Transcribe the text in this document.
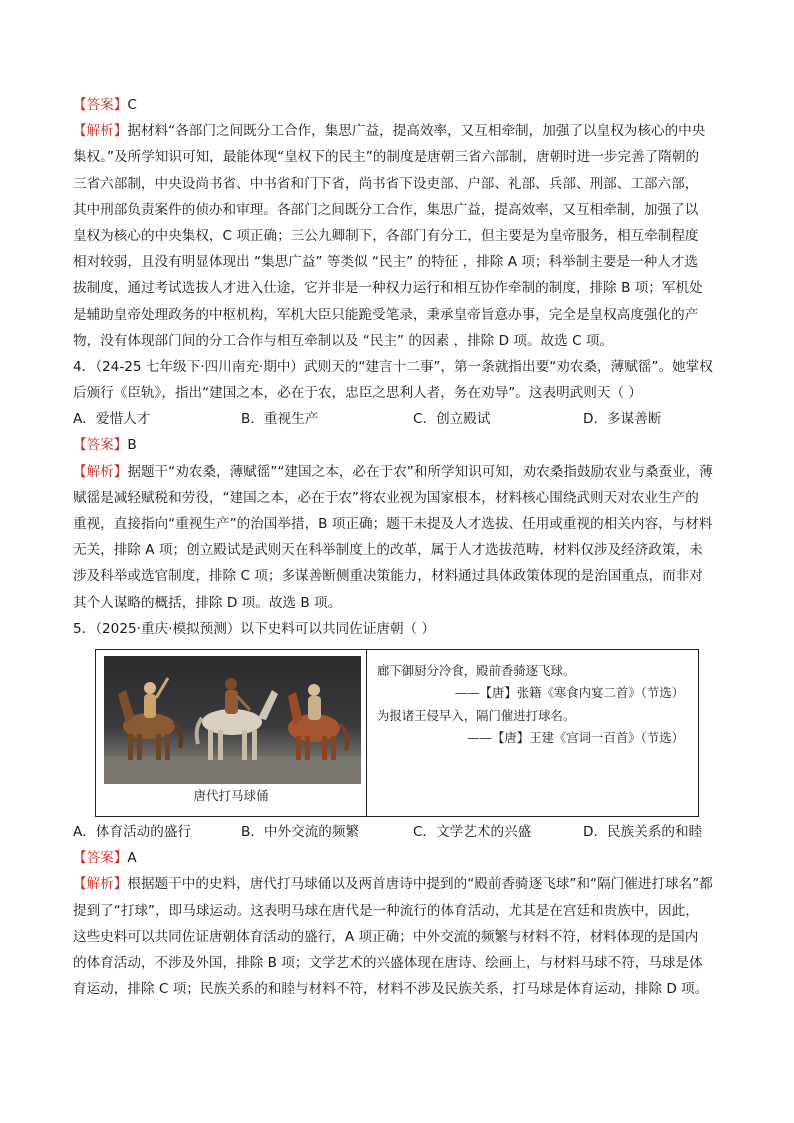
【答案】C
【解析】据材料“各部门之间既分工合作，集思广益，提高效率，又互相牵制，加强了以皇权为核心的中央
集权。”及所学知识可知，最能体现“皇权下的民主”的制度是唐朝三省六部制，唐朝时进一步完善了隋朝的
三省六部制，中央设尚书省、中书省和门下省，尚书省下设吏部、户部、礼部、兵部、刑部、工部六部，
其中刑部负责案件的侦办和审理。各部门之间既分工合作，集思广益，提高效率，又互相牵制，加强了以
皇权为核心的中央集权，C 项正确；三公九卿制下，各部门有分工，但主要是为皇帝服务，相互牵制程度
相对较弱，且没有明显体现出 “集思广益” 等类似 “民主” 的特征 ，排除 A 项；科举制主要是一种人才选
拔制度，通过考试选拔人才进入仕途，它并非是一种权力运行和相互协作牵制的制度，排除 B 项；军机处
是辅助皇帝处理政务的中枢机构，军机大臣只能跪受笔录，秉承皇帝旨意办事，完全是皇权高度强化的产
物，没有体现部门间的分工合作与相互牵制以及 “民主” 的因素 ，排除 D 项。故选 C 项。
4．（24-25 七年级下·四川南充·期中）武则天的“建言十二事”，第一条就指出要“劝农桑，薄赋徭”。她掌权
后颁行《臣轨》，指出“建国之本，必在于农，忠臣之思利人者，务在劝导”。这表明武则天（ ）
A．爱惜人才	B．重视生产	C．创立殿试	D．多谋善断
【答案】B
【解析】据题干“劝农桑，薄赋徭”“建国之本，必在于农”和所学知识可知，劝农桑指鼓励农业与桑蚕业，薄
赋徭是减轻赋税和劳役，“建国之本，必在于农”将农业视为国家根本，材料核心围绕武则天对农业生产的
重视，直接指向“重视生产”的治国举措，B 项正确；题干未提及人才选拔、任用或重视的相关内容，与材料
无关，排除 A 项；创立殿试是武则天在科举制度上的改革，属于人才选拔范畴，材料仅涉及经济政策，未
涉及科举或选官制度，排除 C 项；多谋善断侧重决策能力，材料通过具体政策体现的是治国重点，而非对
其个人谋略的概括，排除 D 项。故选 B 项。
5．（2025·重庆·模拟预测）以下史料可以共同佐证唐朝（ ）
唐代打马球俑
廊下御厨分冷食，殿前香骑逐飞球。
——【唐】张籍《寒食内宴二首》（节选）
为报诸王侵早入，隔门催进打球名。
——【唐】王建《宫词一百首》（节选）
A．体育活动的盛行	B．中外交流的频繁	C．文学艺术的兴盛	D．民族关系的和睦
【答案】A
【解析】根据题干中的史料，唐代打马球俑以及两首唐诗中提到的“殿前香骑逐飞球”和“隔门催进打球名”都
提到了“打球”，即马球运动。这表明马球在唐代是一种流行的体育活动，尤其是在宫廷和贵族中，因此，
这些史料可以共同佐证唐朝体育活动的盛行，A 项正确；中外交流的频繁与材料不符，材料体现的是国内
的体育活动，不涉及外国，排除 B 项；文学艺术的兴盛体现在唐诗、绘画上，与材料马球不符，马球是体
育运动，排除 C 项；民族关系的和睦与材料不符，材料不涉及民族关系，打马球是体育运动，排除 D 项。
